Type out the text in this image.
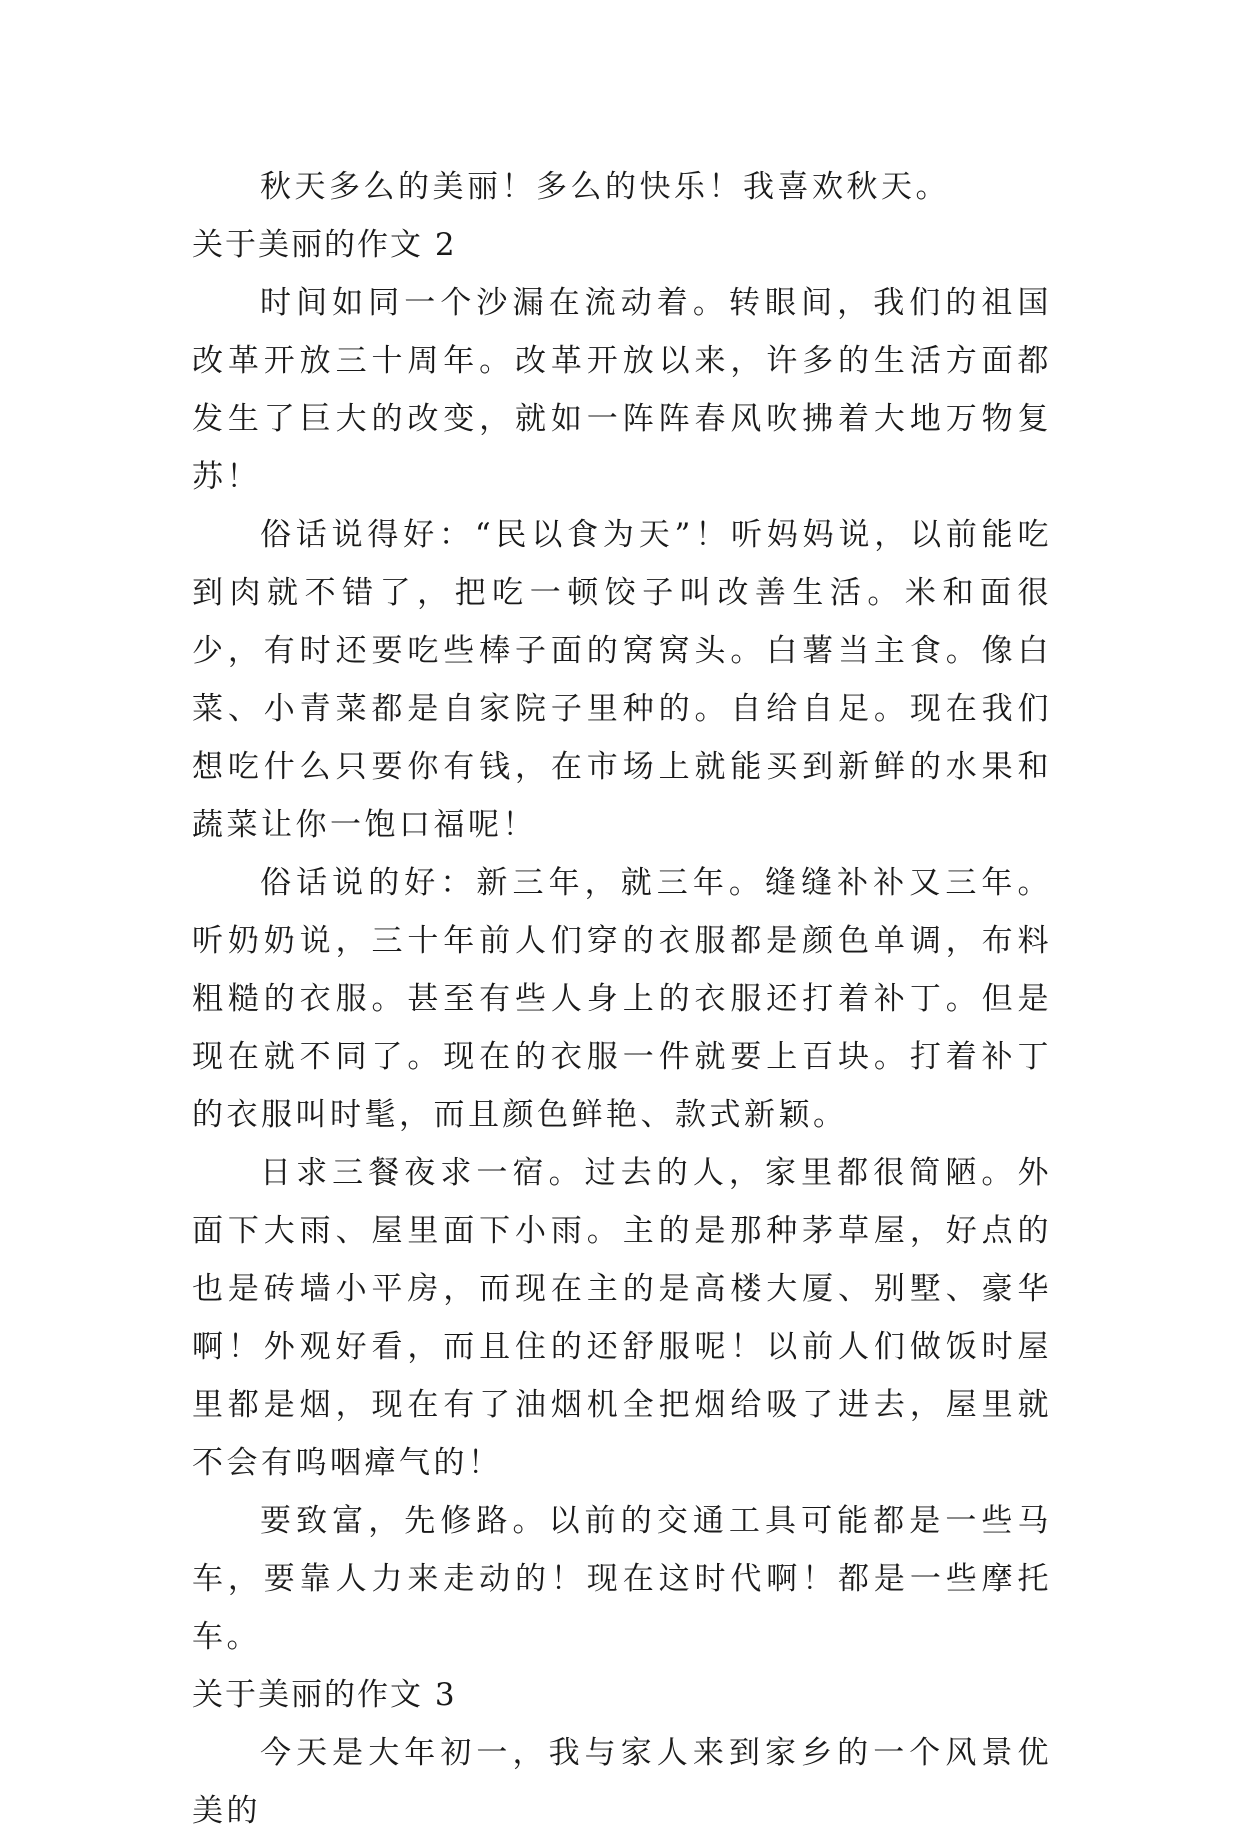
秋天多么的美丽！多么的快乐！我喜欢秋天。

关于美丽的作文 2

时间如同一个沙漏在流动着。转眼间，我们的祖国改革开放三十周年。改革开放以来，许多的生活方面都发生了巨大的改变，就如一阵阵春风吹拂着大地万物复苏！

俗话说得好：“民以食为天”！听妈妈说，以前能吃到肉就不错了，把吃一顿饺子叫改善生活。米和面很少，有时还要吃些棒子面的窝窝头。白薯当主食。像白菜、小青菜都是自家院子里种的。自给自足。现在我们想吃什么只要你有钱，在市场上就能买到新鲜的水果和蔬菜让你一饱口福呢！

俗话说的好：新三年，就三年。缝缝补补又三年。听奶奶说，三十年前人们穿的衣服都是颜色单调，布料粗糙的衣服。甚至有些人身上的衣服还打着补丁。但是现在就不同了。现在的衣服一件就要上百块。打着补丁的衣服叫时髦，而且颜色鲜艳、款式新颖。

日求三餐夜求一宿。过去的人，家里都很简陋。外面下大雨、屋里面下小雨。主的是那种茅草屋，好点的也是砖墙小平房，而现在主的是高楼大厦、别墅、豪华啊！外观好看，而且住的还舒服呢！以前人们做饭时屋里都是烟，现在有了油烟机全把烟给吸了进去，屋里就不会有呜咽瘴气的！

要致富，先修路。以前的交通工具可能都是一些马车，要靠人力来走动的！现在这时代啊！都是一些摩托车。

关于美丽的作文 3

今天是大年初一，我与家人来到家乡的一个风景优美的
